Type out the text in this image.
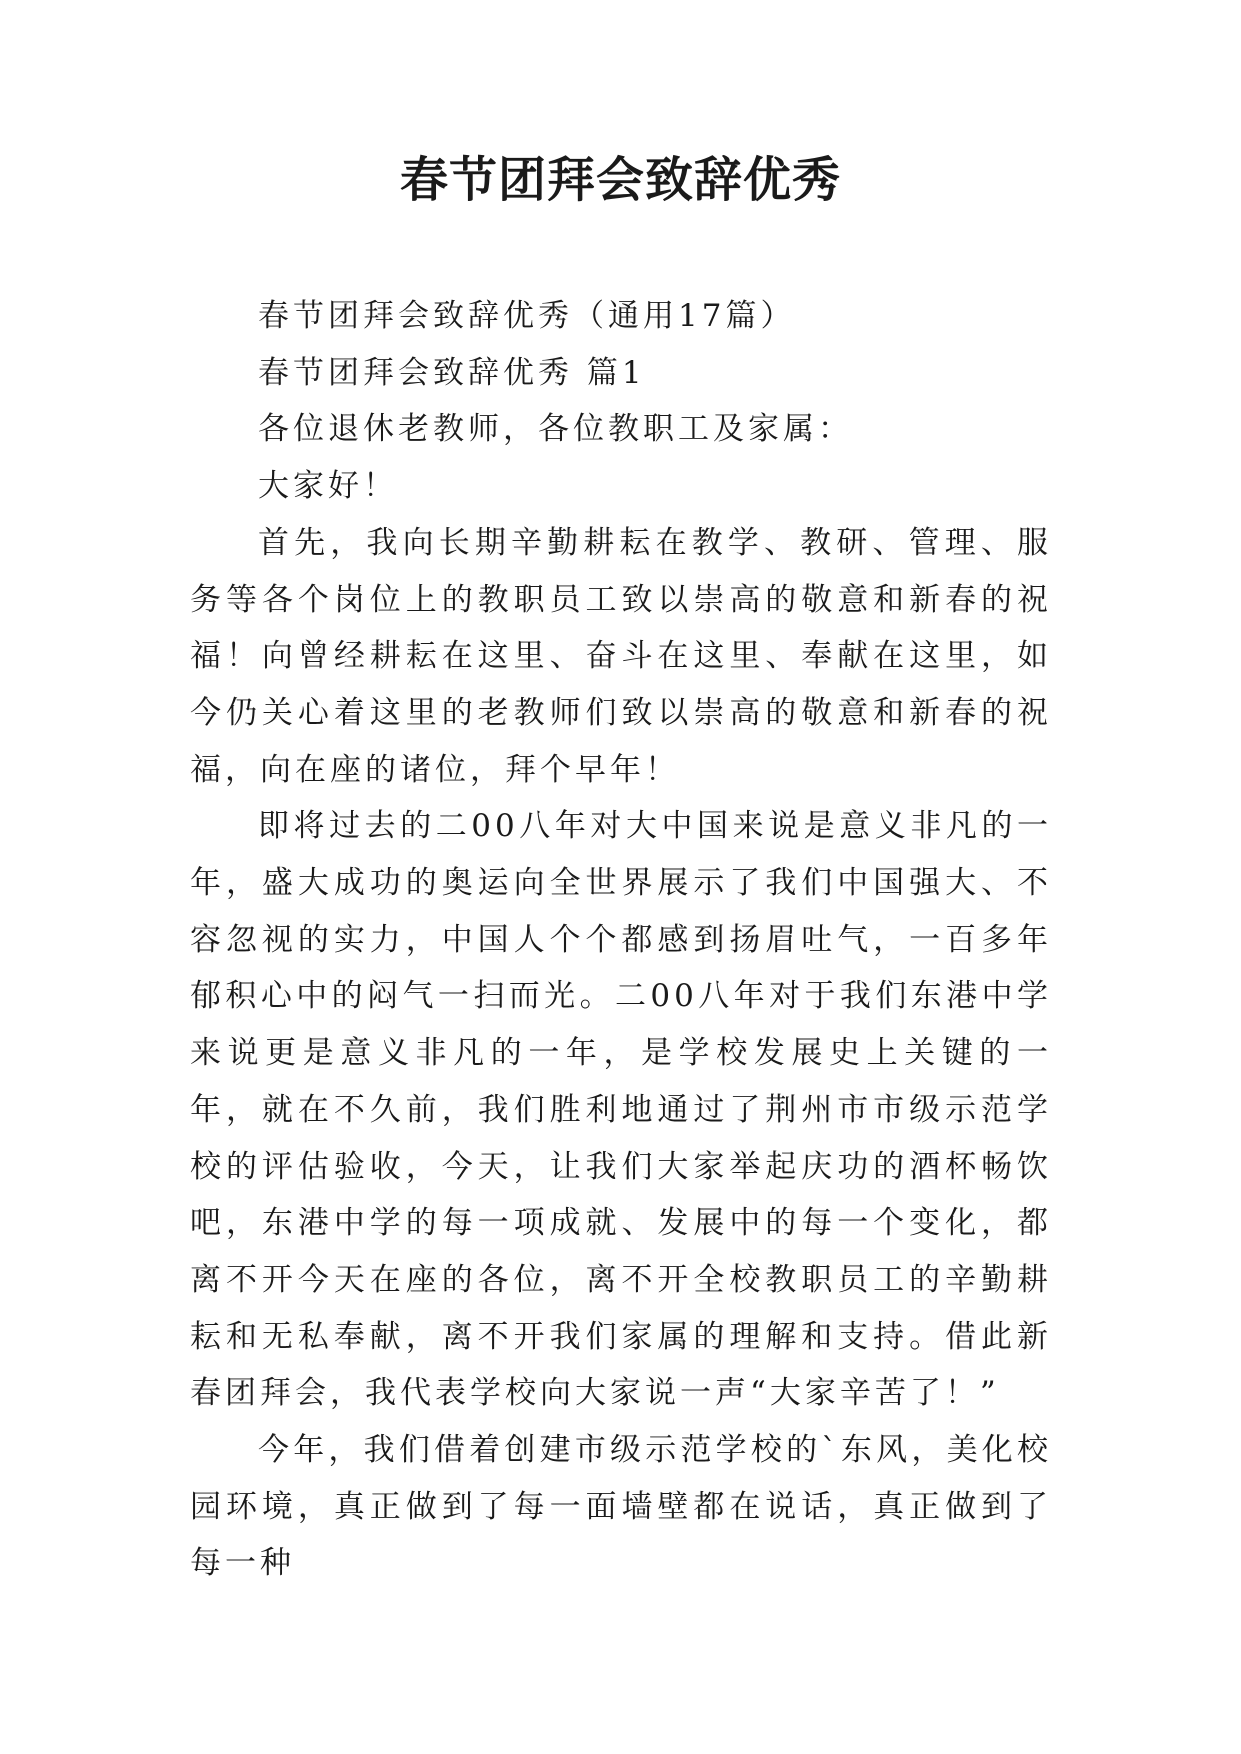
春节团拜会致辞优秀

春节团拜会致辞优秀（通用17篇）

春节团拜会致辞优秀 篇1

各位退休老教师，各位教职工及家属：

大家好！

首先，我向长期辛勤耕耘在教学、教研、管理、服务等各个岗位上的教职员工致以崇高的敬意和新春的祝福！向曾经耕耘在这里、奋斗在这里、奉献在这里，如今仍关心着这里的老教师们致以崇高的敬意和新春的祝福，向在座的诸位，拜个早年！

即将过去的二00八年对大中国来说是意义非凡的一年，盛大成功的奥运向全世界展示了我们中国强大、不容忽视的实力，中国人个个都感到扬眉吐气，一百多年郁积心中的闷气一扫而光。二00八年对于我们东港中学来说更是意义非凡的一年，是学校发展史上关键的一年，就在不久前，我们胜利地通过了荆州市市级示范学校的评估验收，今天，让我们大家举起庆功的酒杯畅饮吧，东港中学的每一项成就、发展中的每一个变化，都离不开今天在座的各位，离不开全校教职员工的辛勤耕耘和无私奉献，离不开我们家属的理解和支持。借此新春团拜会，我代表学校向大家说一声“大家辛苦了！”

今年，我们借着创建市级示范学校的`东风，美化校园环境，真正做到了每一面墙壁都在说话，真正做到了每一种
